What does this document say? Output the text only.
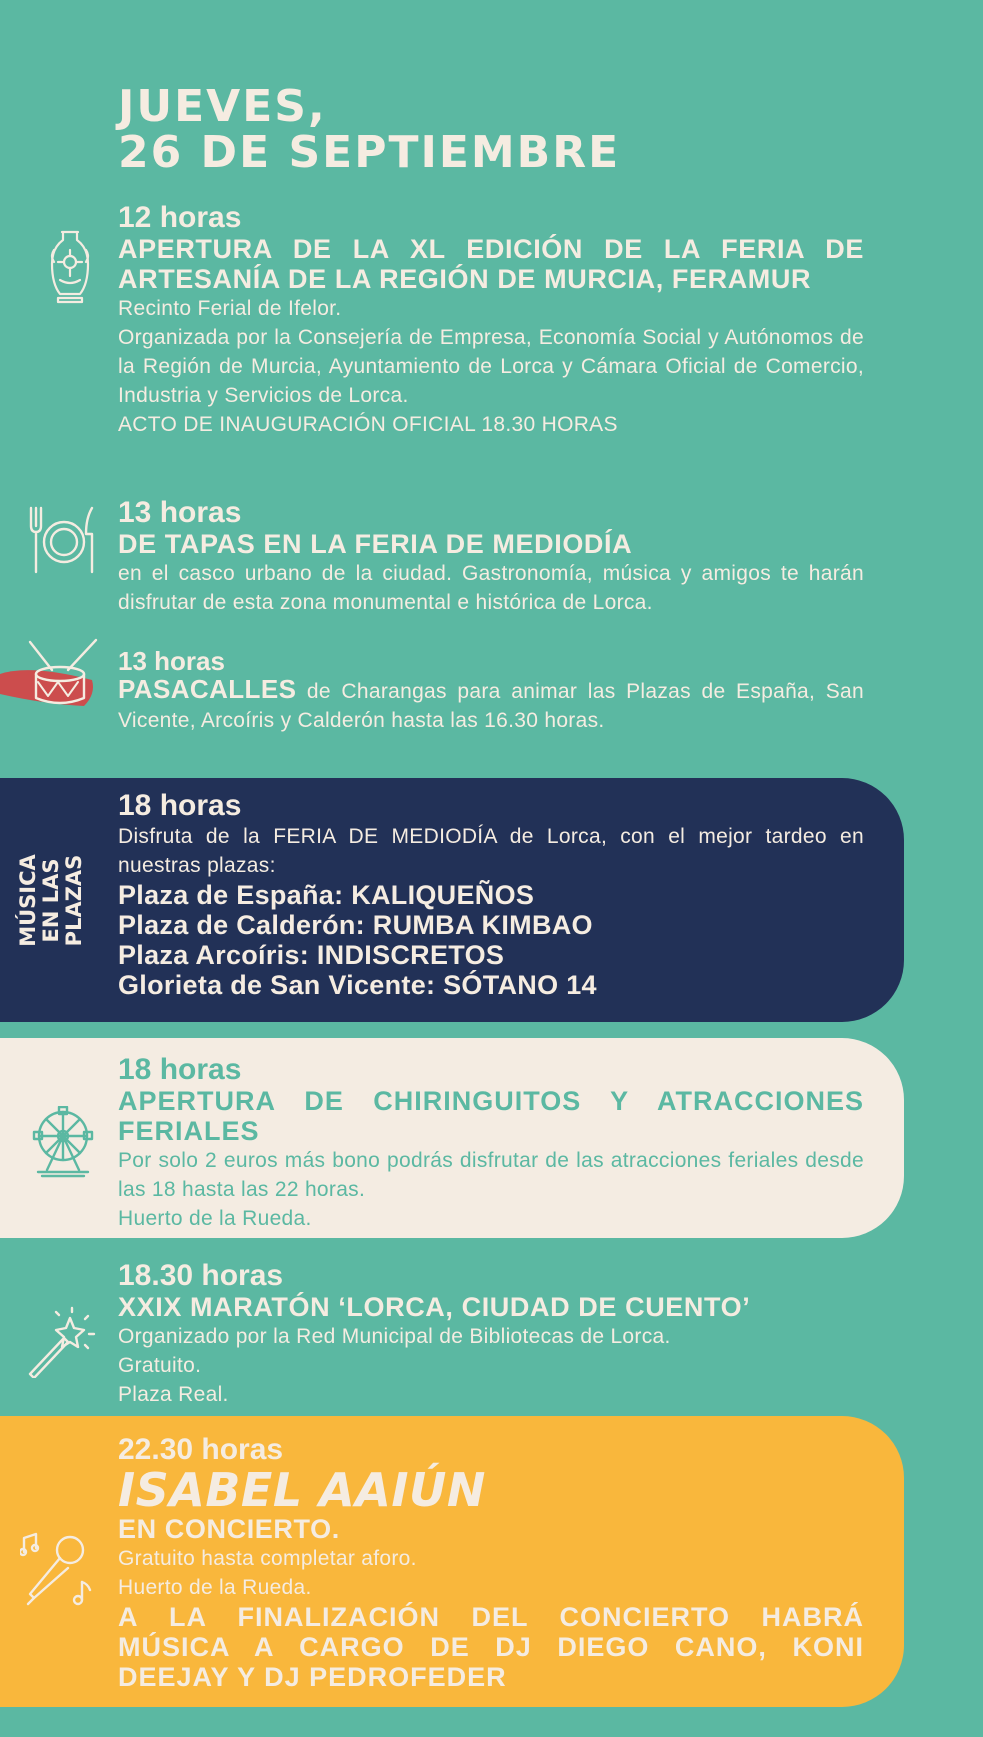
JUEVES,
26 DE SEPTIEMBRE
12 horas
APERTURA DE LA XL EDICIÓN DE LA FERIA DE ARTESANÍA DE LA REGIÓN DE MURCIA, FERAMUR
Recinto Ferial de Ifelor.
Organizada por la Consejería de Empresa, Economía Social y Autónomos de la Región de Murcia, Ayuntamiento de Lorca y Cámara Oficial de Comercio, Industria y Servicios de Lorca.
ACTO DE INAUGURACIÓN OFICIAL 18.30 HORAS
13 horas
DE TAPAS EN LA FERIA DE MEDIODÍA
en el casco urbano de la ciudad. Gastronomía, música y amigos te harán disfrutar de esta zona monumental e histórica de Lorca.
13 horas
PASACALLES de Charangas para animar las Plazas de España, San Vicente, Arcoíris y Calderón hasta las 16.30 horas.
MÚSICA EN LAS PLAZAS
18 horas
Disfruta de la FERIA DE MEDIODÍA de Lorca, con el mejor tardeo en nuestras plazas:
Plaza de España: KALIQUEÑOS
Plaza de Calderón: RUMBA KIMBAO
Plaza Arcoíris: INDISCRETOS
Glorieta de San Vicente: SÓTANO 14
18 horas
APERTURA DE CHIRINGUITOS Y ATRACCIONES FERIALES
Por solo 2 euros más bono podrás disfrutar de las atracciones feriales desde las 18 hasta las 22 horas.
Huerto de la Rueda.
18.30 horas
XXIX MARATÓN ‘LORCA, CIUDAD DE CUENTO’
Organizado por la Red Municipal de Bibliotecas de Lorca.
Gratuito.
Plaza Real.
22.30 horas
ISABEL AAIÚN
EN CONCIERTO.
Gratuito hasta completar aforo.
Huerto de la Rueda.
A LA FINALIZACIÓN DEL CONCIERTO HABRÁ MÚSICA A CARGO DE DJ DIEGO CANO, KONI DEEJAY Y DJ PEDROFEDER
